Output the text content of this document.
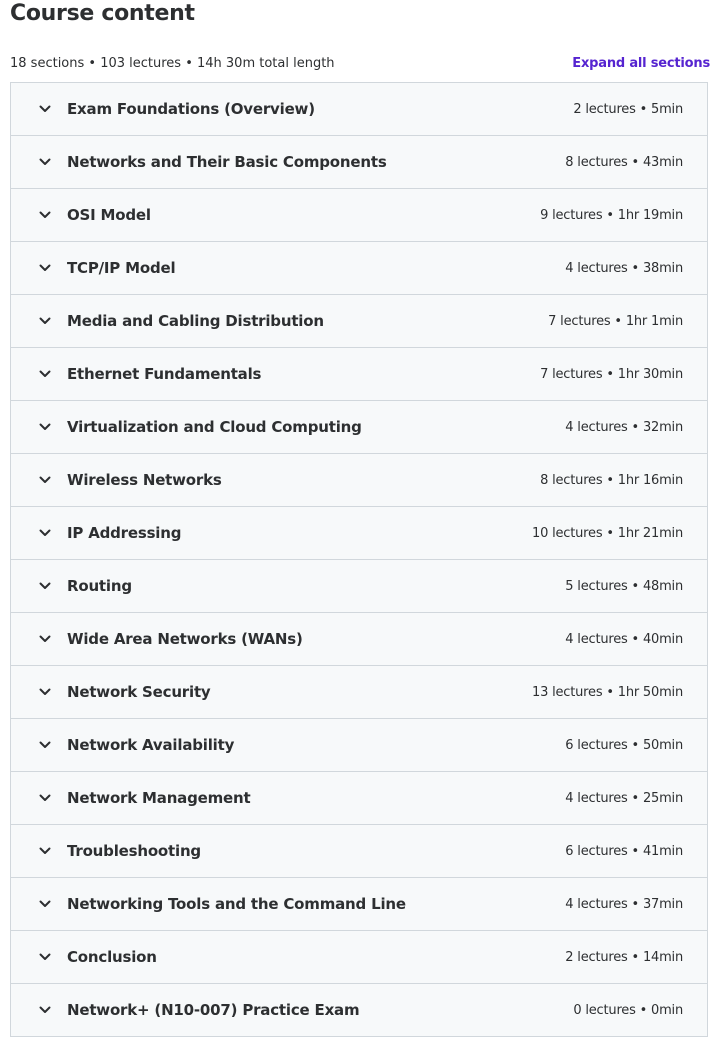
Course content
18 sections • 103 lectures • 14h 30m total length	Expand all sections
Exam Foundations (Overview)	2 lectures • 5min
Networks and Their Basic Components	8 lectures • 43min
OSI Model	9 lectures • 1hr 19min
TCP/IP Model	4 lectures • 38min
Media and Cabling Distribution	7 lectures • 1hr 1min
Ethernet Fundamentals	7 lectures • 1hr 30min
Virtualization and Cloud Computing	4 lectures • 32min
Wireless Networks	8 lectures • 1hr 16min
IP Addressing	10 lectures • 1hr 21min
Routing	5 lectures • 48min
Wide Area Networks (WANs)	4 lectures • 40min
Network Security	13 lectures • 1hr 50min
Network Availability	6 lectures • 50min
Network Management	4 lectures • 25min
Troubleshooting	6 lectures • 41min
Networking Tools and the Command Line	4 lectures • 37min
Conclusion	2 lectures • 14min
Network+ (N10-007) Practice Exam	0 lectures • 0min
